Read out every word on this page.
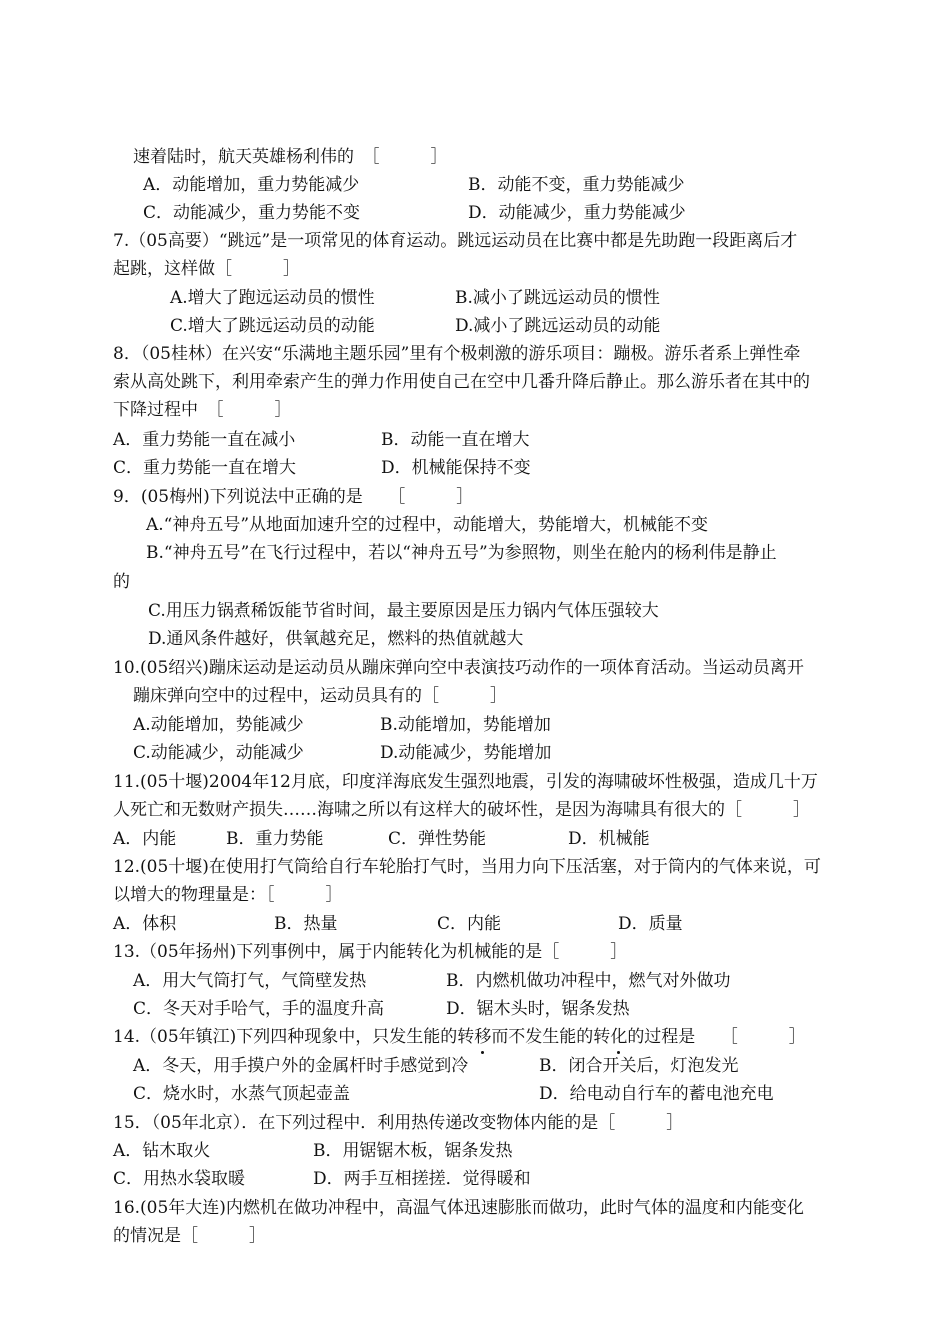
速着陆时，航天英雄杨利伟的　［　　　］
A．动能增加，重力势能减少	B．动能不变，重力势能减少
C．动能减少，重力势能不变	D．动能减少，重力势能减少
7.（05高要）“跳远”是一项常见的体育运动。跳远运动员在比赛中都是先助跑一段距离后才
起跳，这样做［　　　］
A.增大了跑远运动员的惯性	B.减小了跳远运动员的惯性
C.增大了跳远运动员的动能	D.减小了跳远运动员的动能
8．（05桂林）在兴安“乐满地主题乐园”里有个极刺激的游乐项目：蹦极。游乐者系上弹性牵
索从高处跳下，利用牵索产生的弹力作用使自己在空中几番升降后静止。那么游乐者在其中的
下降过程中　［　　　］
A．重力势能一直在减小	B．动能一直在增大
C．重力势能一直在增大	D．机械能保持不变
9．(05梅州)下列说法中正确的是　　［　　　］
A.“神舟五号”从地面加速升空的过程中，动能增大，势能增大，机械能不变
B.“神舟五号”在飞行过程中，若以“神舟五号”为参照物，则坐在舱内的杨利伟是静止
的
C.用压力锅煮稀饭能节省时间，最主要原因是压力锅内气体压强较大
D.通风条件越好，供氧越充足，燃料的热值就越大
10.(05绍兴)蹦床运动是运动员从蹦床弹向空中表演技巧动作的一项体育活动。当运动员离开
蹦床弹向空中的过程中，运动员具有的［　　　］
A.动能增加，势能减少	B.动能增加，势能增加
C.动能减少，动能减少	D.动能减少，势能增加
11.(05十堰)2004年12月底，印度洋海底发生强烈地震，引发的海啸破坏性极强，造成几十万
人死亡和无数财产损失……海啸之所以有这样大的破坏性，是因为海啸具有很大的［　　　］
A．内能	B．重力势能	C．弹性势能	D．机械能
12.(05十堰)在使用打气筒给自行车轮胎打气时，当用力向下压活塞，对于筒内的气体来说，可
以增大的物理量是：［　　　］
A．体积	B．热量	C．内能	D．质量
13.（05年扬州)下列事例中，属于内能转化为机械能的是［　　　］
A．用大气筒打气，气筒壁发热	B．内燃机做功冲程中，燃气对外做功
C．冬天对手哈气，手的温度升高	D．锯木头时，锯条发热
14.（05年镇江)下列四种现象中，只发生能的转移而不发生能的转化的过程是　　［　　　］
A．冬天，用手摸户外的金属杆时手感觉到冷	B．闭合开关后，灯泡发光
C．烧水时，水蒸气顶起壶盖	D．给电动自行车的蓄电池充电
15．（05年北京）．在下列过程中．利用热传递改变物体内能的是［　　　］
A．钻木取火	B．用锯锯木板，锯条发热
C．用热水袋取暖	D．两手互相搓搓．觉得暖和
16.(05年大连)内燃机在做功冲程中，高温气体迅速膨胀而做功，此时气体的温度和内能变化
的情况是［　　　］
